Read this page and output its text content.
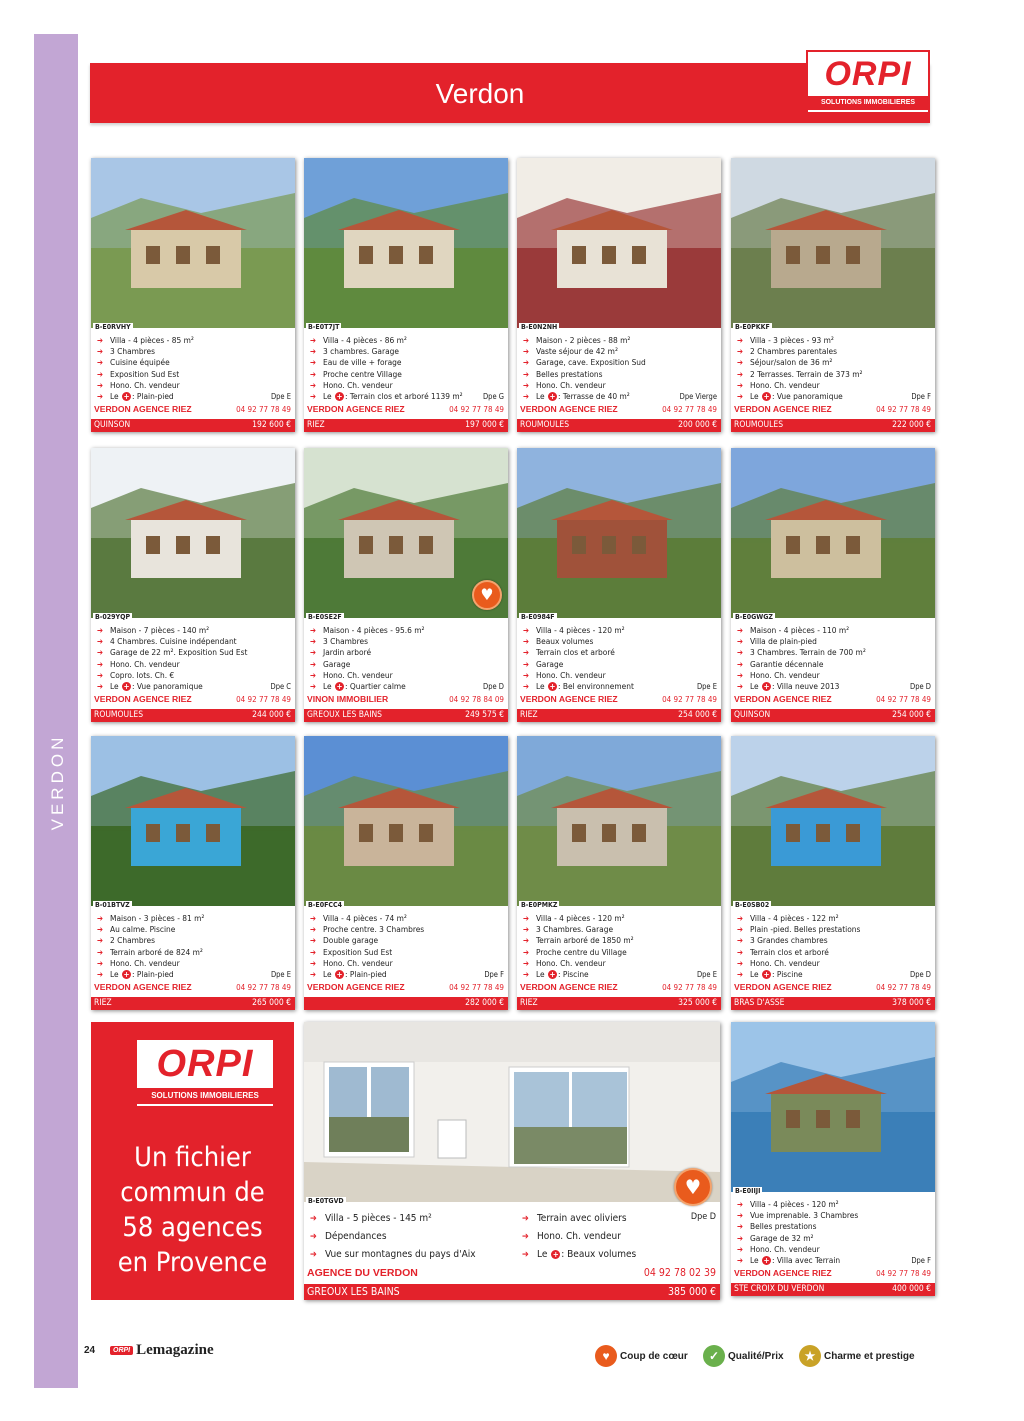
VERDON
Verdon
ORPI
SOLUTIONS IMMOBILIERES
B-E0RVHY
➔ Villa - 4 pièces - 85 m²
➔ 3 Chambres
➔ Cuisine équipée
➔ Exposition Sud Est
➔ Hono. Ch. vendeur
➔ Le + : Plain-pied	Dpe E
VERDON AGENCE RIEZ	04 92 77 78 49
QUINSON	192 600 €
B-E0T7JT
➔ Villa - 4 pièces - 86 m²
➔ 3 chambres. Garage
➔ Eau de ville + forage
➔ Proche centre Village
➔ Hono. Ch. vendeur
➔ Le + : Terrain clos et arboré 1139 m²	Dpe G
VERDON AGENCE RIEZ	04 92 77 78 49
RIEZ	197 000 €
B-E0N2NH
➔ Maison - 2 pièces - 88 m²
➔ Vaste séjour de 42 m²
➔ Garage, cave. Exposition Sud
➔ Belles prestations
➔ Hono. Ch. vendeur
➔ Le + : Terrasse de 40 m²	Dpe Vierge
VERDON AGENCE RIEZ	04 92 77 78 49
ROUMOULES	200 000 €
B-E0PKKF
➔ Villa - 3 pièces - 93 m²
➔ 2 Chambres parentales
➔ Séjour/salon de 36 m²
➔ 2 Terrasses. Terrain de 373 m²
➔ Hono. Ch. vendeur
➔ Le + : Vue panoramique	Dpe F
VERDON AGENCE RIEZ	04 92 77 78 49
ROUMOULES	222 000 €
B-029YQP
➔ Maison - 7 pièces - 140 m²
➔ 4 Chambres. Cuisine indépendant
➔ Garage de 22 m². Exposition Sud Est
➔ Hono. Ch. vendeur
➔ Copro. lots. Ch. €
➔ Le + : Vue panoramique	Dpe C
VERDON AGENCE RIEZ	04 92 77 78 49
ROUMOULES	244 000 €
B-E0SE2F
➔ Maison - 4 pièces - 95.6 m²
➔ 3 Chambres
➔ Jardin arboré
➔ Garage
➔ Hono. Ch. vendeur
➔ Le + : Quartier calme	Dpe D
VINON IMMOBILIER	04 92 78 84 09
GREOUX LES BAINS	249 575 €
♥
B-E0984F
➔ Villa - 4 pièces - 120 m²
➔ Beaux volumes
➔ Terrain clos et arboré
➔ Garage
➔ Hono. Ch. vendeur
➔ Le + : Bel environnement	Dpe E
VERDON AGENCE RIEZ	04 92 77 78 49
RIEZ	254 000 €
B-E0GWGZ
➔ Maison - 4 pièces - 110 m²
➔ Villa de plain-pied
➔ 3 Chambres. Terrain de 700 m²
➔ Garantie décennale
➔ Hono. Ch. vendeur
➔ Le + : Villa neuve 2013	Dpe D
VERDON AGENCE RIEZ	04 92 77 78 49
QUINSON	254 000 €
B-01BTVZ
➔ Maison - 3 pièces - 81 m²
➔ Au calme. Piscine
➔ 2 Chambres
➔ Terrain arboré de 824 m²
➔ Hono. Ch. vendeur
➔ Le + : Plain-pied	Dpe E
VERDON AGENCE RIEZ	04 92 77 78 49
RIEZ	265 000 €
B-E0FCC4
➔ Villa - 4 pièces - 74 m²
➔ Proche centre. 3 Chambres
➔ Double garage
➔ Exposition Sud Est
➔ Hono. Ch. vendeur
➔ Le + : Plain-pied	Dpe F
VERDON AGENCE RIEZ	04 92 77 78 49
282 000 €
B-E0PMKZ
➔ Villa - 4 pièces - 120 m²
➔ 3 Chambres. Garage
➔ Terrain arboré de 1850 m²
➔ Proche centre du Village
➔ Hono. Ch. vendeur
➔ Le + : Piscine	Dpe E
VERDON AGENCE RIEZ	04 92 77 78 49
RIEZ	325 000 €
B-E0SB02
➔ Villa - 4 pièces - 122 m²
➔ Plain -pied. Belles prestations
➔ 3 Grandes chambres
➔ Terrain clos et arboré
➔ Hono. Ch. vendeur
➔ Le + : Piscine	Dpe D
VERDON AGENCE RIEZ	04 92 77 78 49
BRAS D'ASSE	378 000 €
B-E0IIJI
➔ Villa - 4 pièces - 120 m²
➔ Vue imprenable. 3 Chambres
➔ Belles prestations
➔ Garage de 32 m²
➔ Hono. Ch. vendeur
➔ Le + : Villa avec Terrain	Dpe F
VERDON AGENCE RIEZ	04 92 77 78 49
STE CROIX DU VERDON	400 000 €
ORPI
SOLUTIONS IMMOBILIERES
Un fichier
commun de
58 agences
en Provence
B-E0TGVD
➔ Villa - 5 pièces - 145 m²
➔ Dépendances
➔ Vue sur montagnes du pays d'Aix
➔ Terrain avec oliviers
➔ Hono. Ch. vendeur
➔ Le + : Beaux volumes
Dpe D
♥
AGENCE DU VERDON	04 92 78 02 39
GREOUX LES BAINS	385 000 €
24	ORPI Lemagazine	♥	Coup de cœur	✓ Qualité/Prix	★ Charme et prestige
